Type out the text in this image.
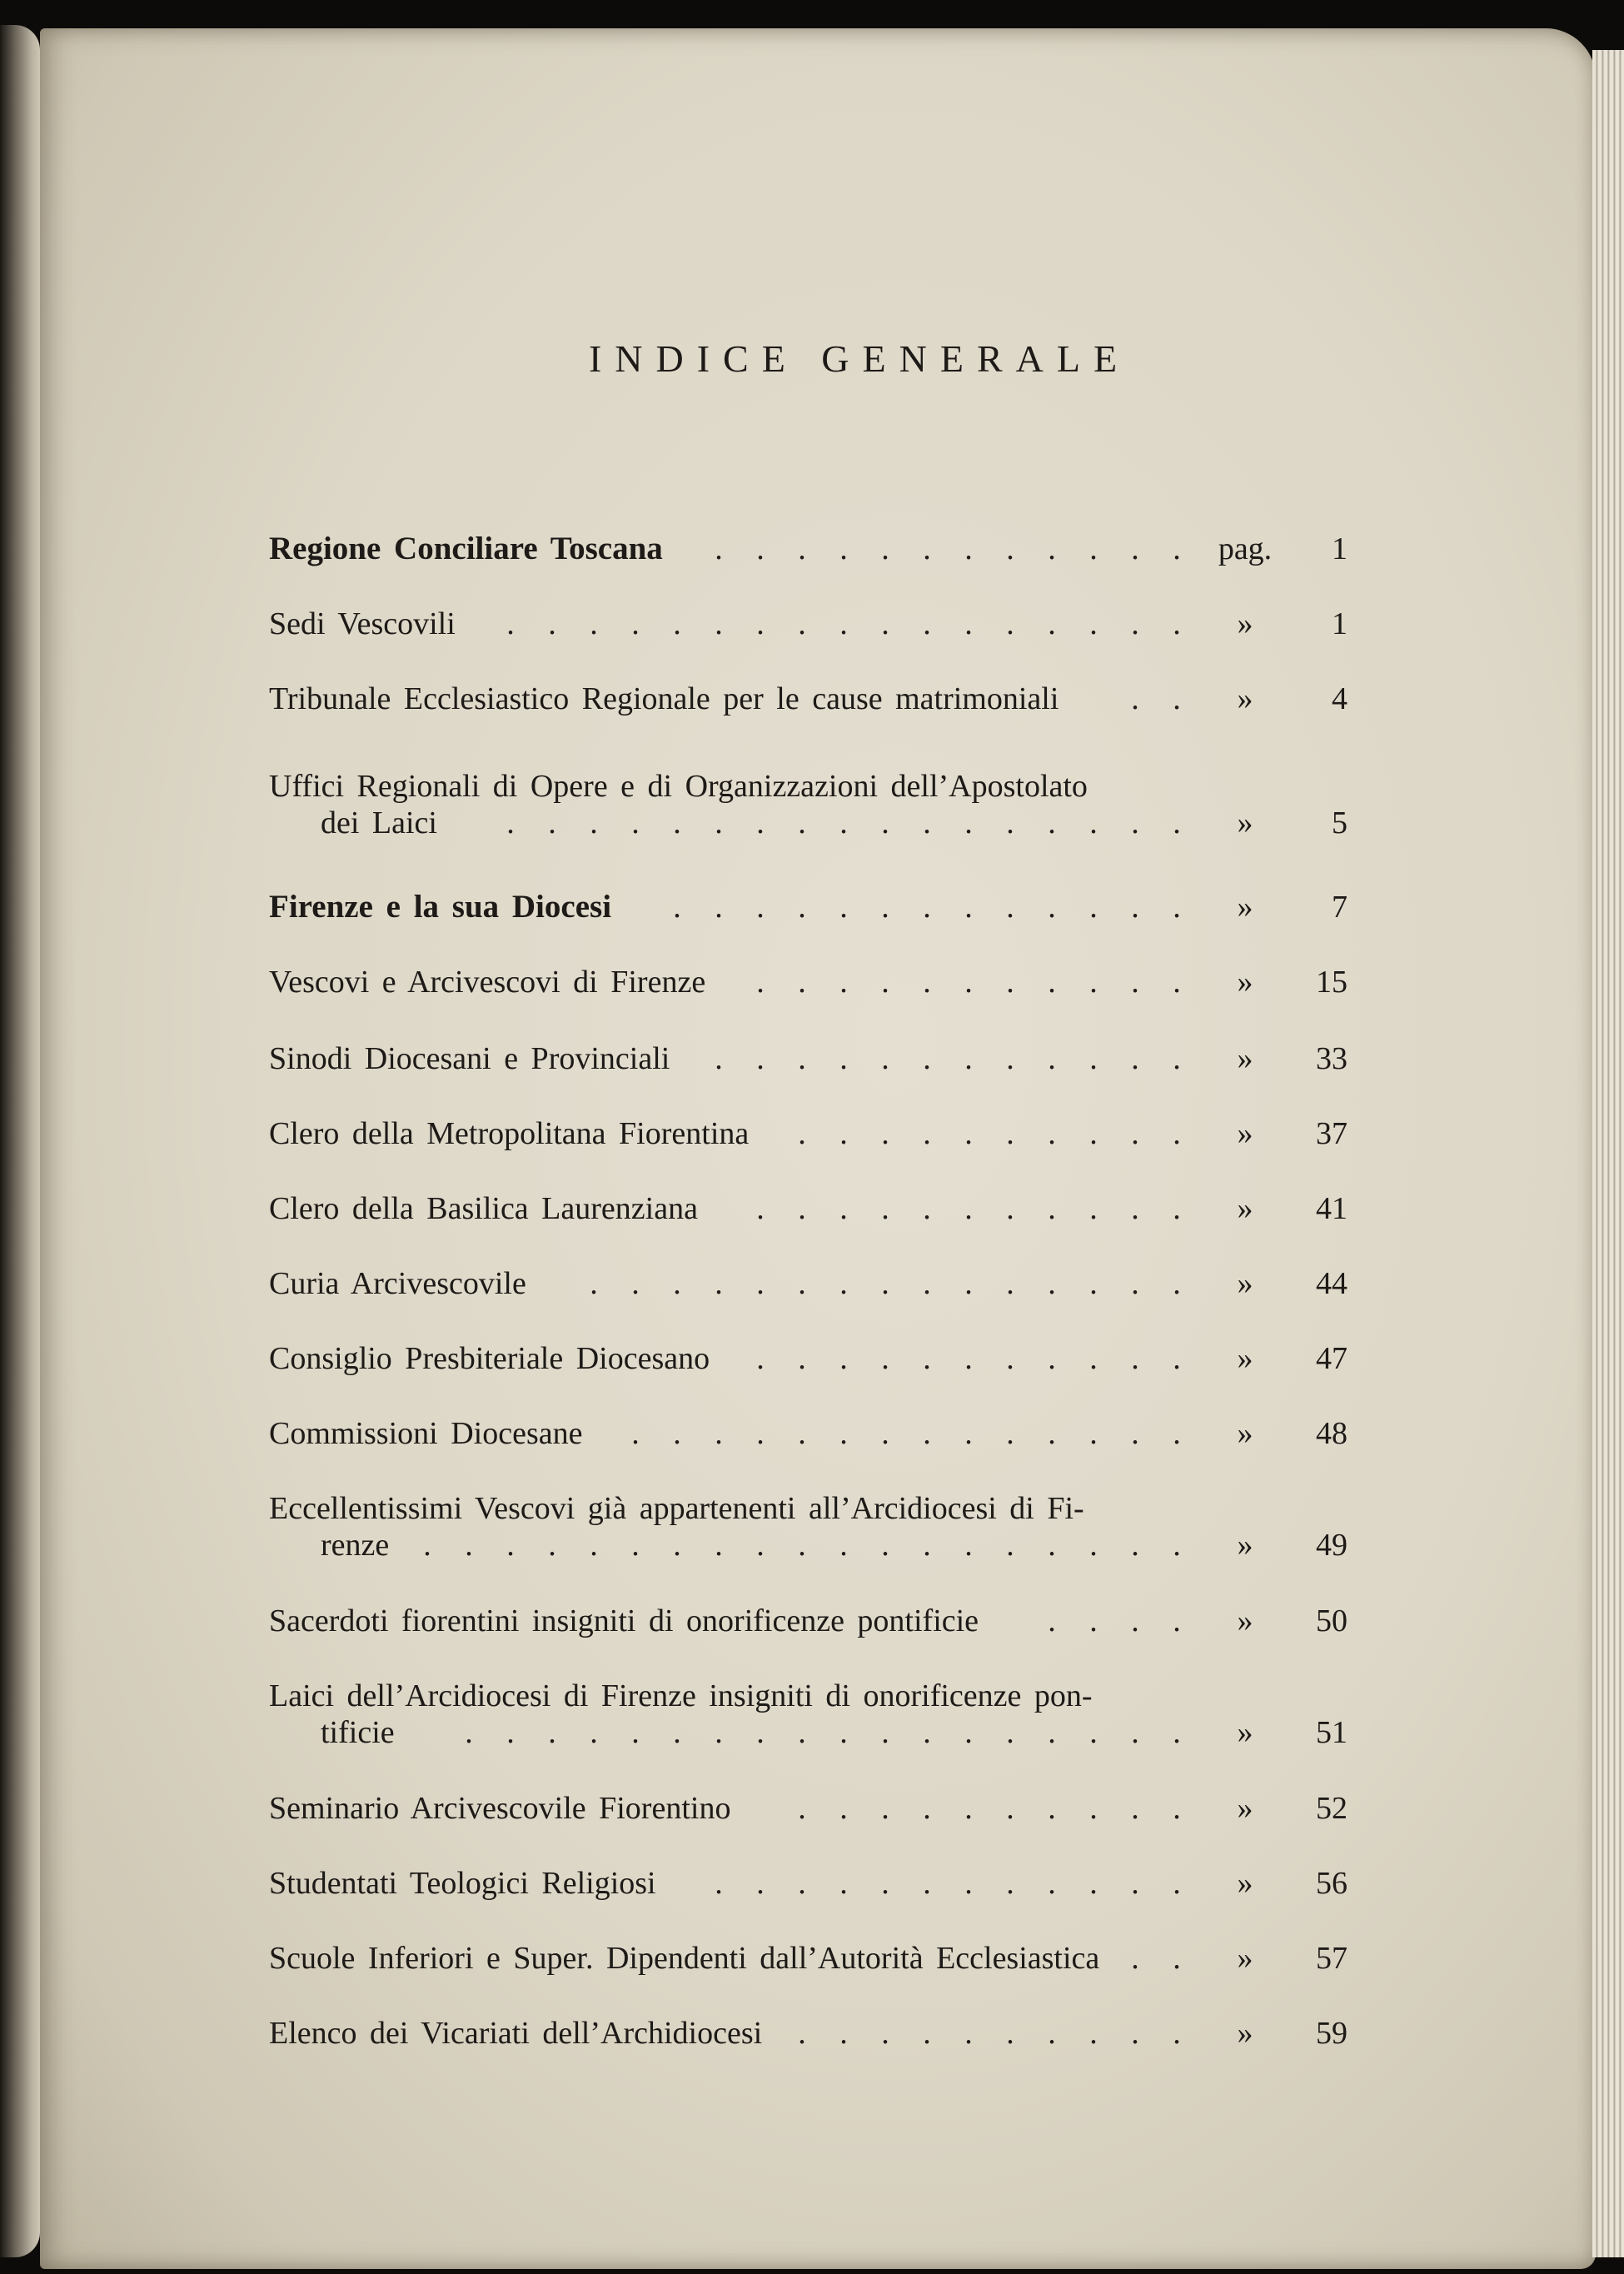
INDICE GENERALE
Regione Conciliare Toscana	. . . . . . . . . . . .	pag.	1
Sedi Vescovili	. . . . . . . . . . . . . . . . .	»	1
Tribunale Ecclesiastico Regionale per le cause matrimoniali	. .	»	4
Uffici Regionali di Opere e di Organizzazioni dell’Apostolato
dei Laici	. . . . . . . . . . . . . . . . .	»	5
Firenze e la sua Diocesi	. . . . . . . . . . . . .	»	7
Vescovi e Arcivescovi di Firenze	. . . . . . . . . . .	»	15
Sinodi Diocesani e Provinciali	. . . . . . . . . . . .	»	33
Clero della Metropolitana Fiorentina	. . . . . . . . . .	»	37
Clero della Basilica Laurenziana	. . . . . . . . . . .	»	41
Curia Arcivescovile	. . . . . . . . . . . . . . .	»	44
Consiglio Presbiteriale Diocesano	. . . . . . . . . . .	»	47
Commissioni Diocesane	. . . . . . . . . . . . . .	»	48
Eccellentissimi Vescovi già appartenenti all’Arcidiocesi di Fi-
renze	. . . . . . . . . . . . . . . . . . .	»	49
Sacerdoti fiorentini insigniti di onorificenze pontificie	. . . .	»	50
Laici dell’Arcidiocesi di Firenze insigniti di onorificenze pon-
tificie	. . . . . . . . . . . . . . . . . .	»	51
Seminario Arcivescovile Fiorentino	. . . . . . . . . .	»	52
Studentati Teologici Religiosi	. . . . . . . . . . . .	»	56
Scuole Inferiori e Super. Dipendenti dall’Autorità Ecclesiastica . .	»	57
Elenco dei Vicariati dell’Archidiocesi	. . . . . . . . . .	»	59
